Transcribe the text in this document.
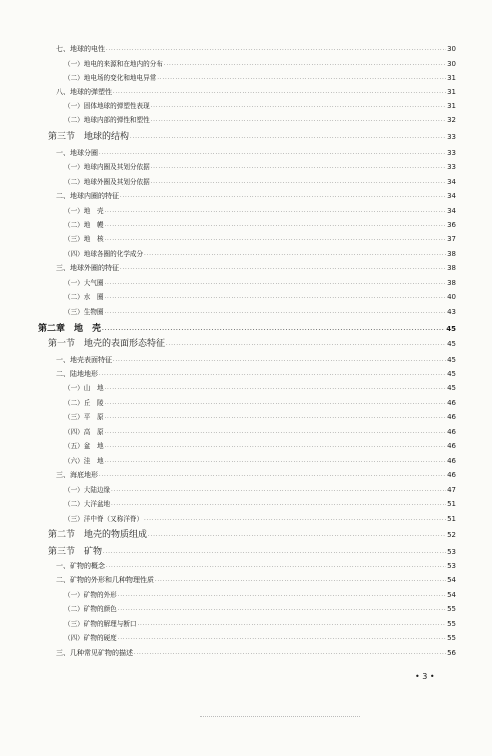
七、地球的电性 ·····	30
（一）地电的来源和在地内的分布 ·····	30
（二）地电场的变化和地电异常 ·····	31
八、地球的弹塑性 ·····	31
（一）固体地球的弹塑性表现 ·····	31
（二）地球内部的弹性和塑性 ·····	32
第三节　地球的结构 ·····	33
一、地球分圈 ·····	33
（一）地球内圈及其划分依据 ·····	33
（二）地球外圈及其划分依据 ·····	34
二、地球内圈的特征 ·····	34
（一）地　壳 ·····	34
（二）地　幔 ·····	36
（三）地　核 ·····	37
（四）地球各圈的化学成分 ·····	38
三、地球外圈的特征 ·····	38
（一）大气圈 ·····	38
（二）水　圈 ·····	40
（三）生物圈 ·····	43
第二章　地　壳 ·····	45
第一节　地壳的表面形态特征 ·····	45
一、地壳表面特征 ·····	45
二、陆地地形 ·····	45
（一）山　地 ·····	45
（二）丘　陵 ·····	46
（三）平　原 ·····	46
（四）高　原 ·····	46
（五）盆　地 ·····	46
（六）洼　地 ·····	46
三、海底地形 ·····	46
（一）大陆边缘 ·····	47
（二）大洋盆地 ·····	51
（三）洋中脊（又称洋脊） ·····	51
第二节　地壳的物质组成 ·····	52
第三节　矿物 ·····	53
一、矿物的概念 ·····	53
二、矿物的外形和几种物理性质 ·····	54
（一）矿物的外形 ·····	54
（二）矿物的颜色 ·····	55
（三）矿物的解理与断口 ·····	55
（四）矿物的硬度 ·····	55
三、几种常见矿物的描述 ·····	56
• 3 •
